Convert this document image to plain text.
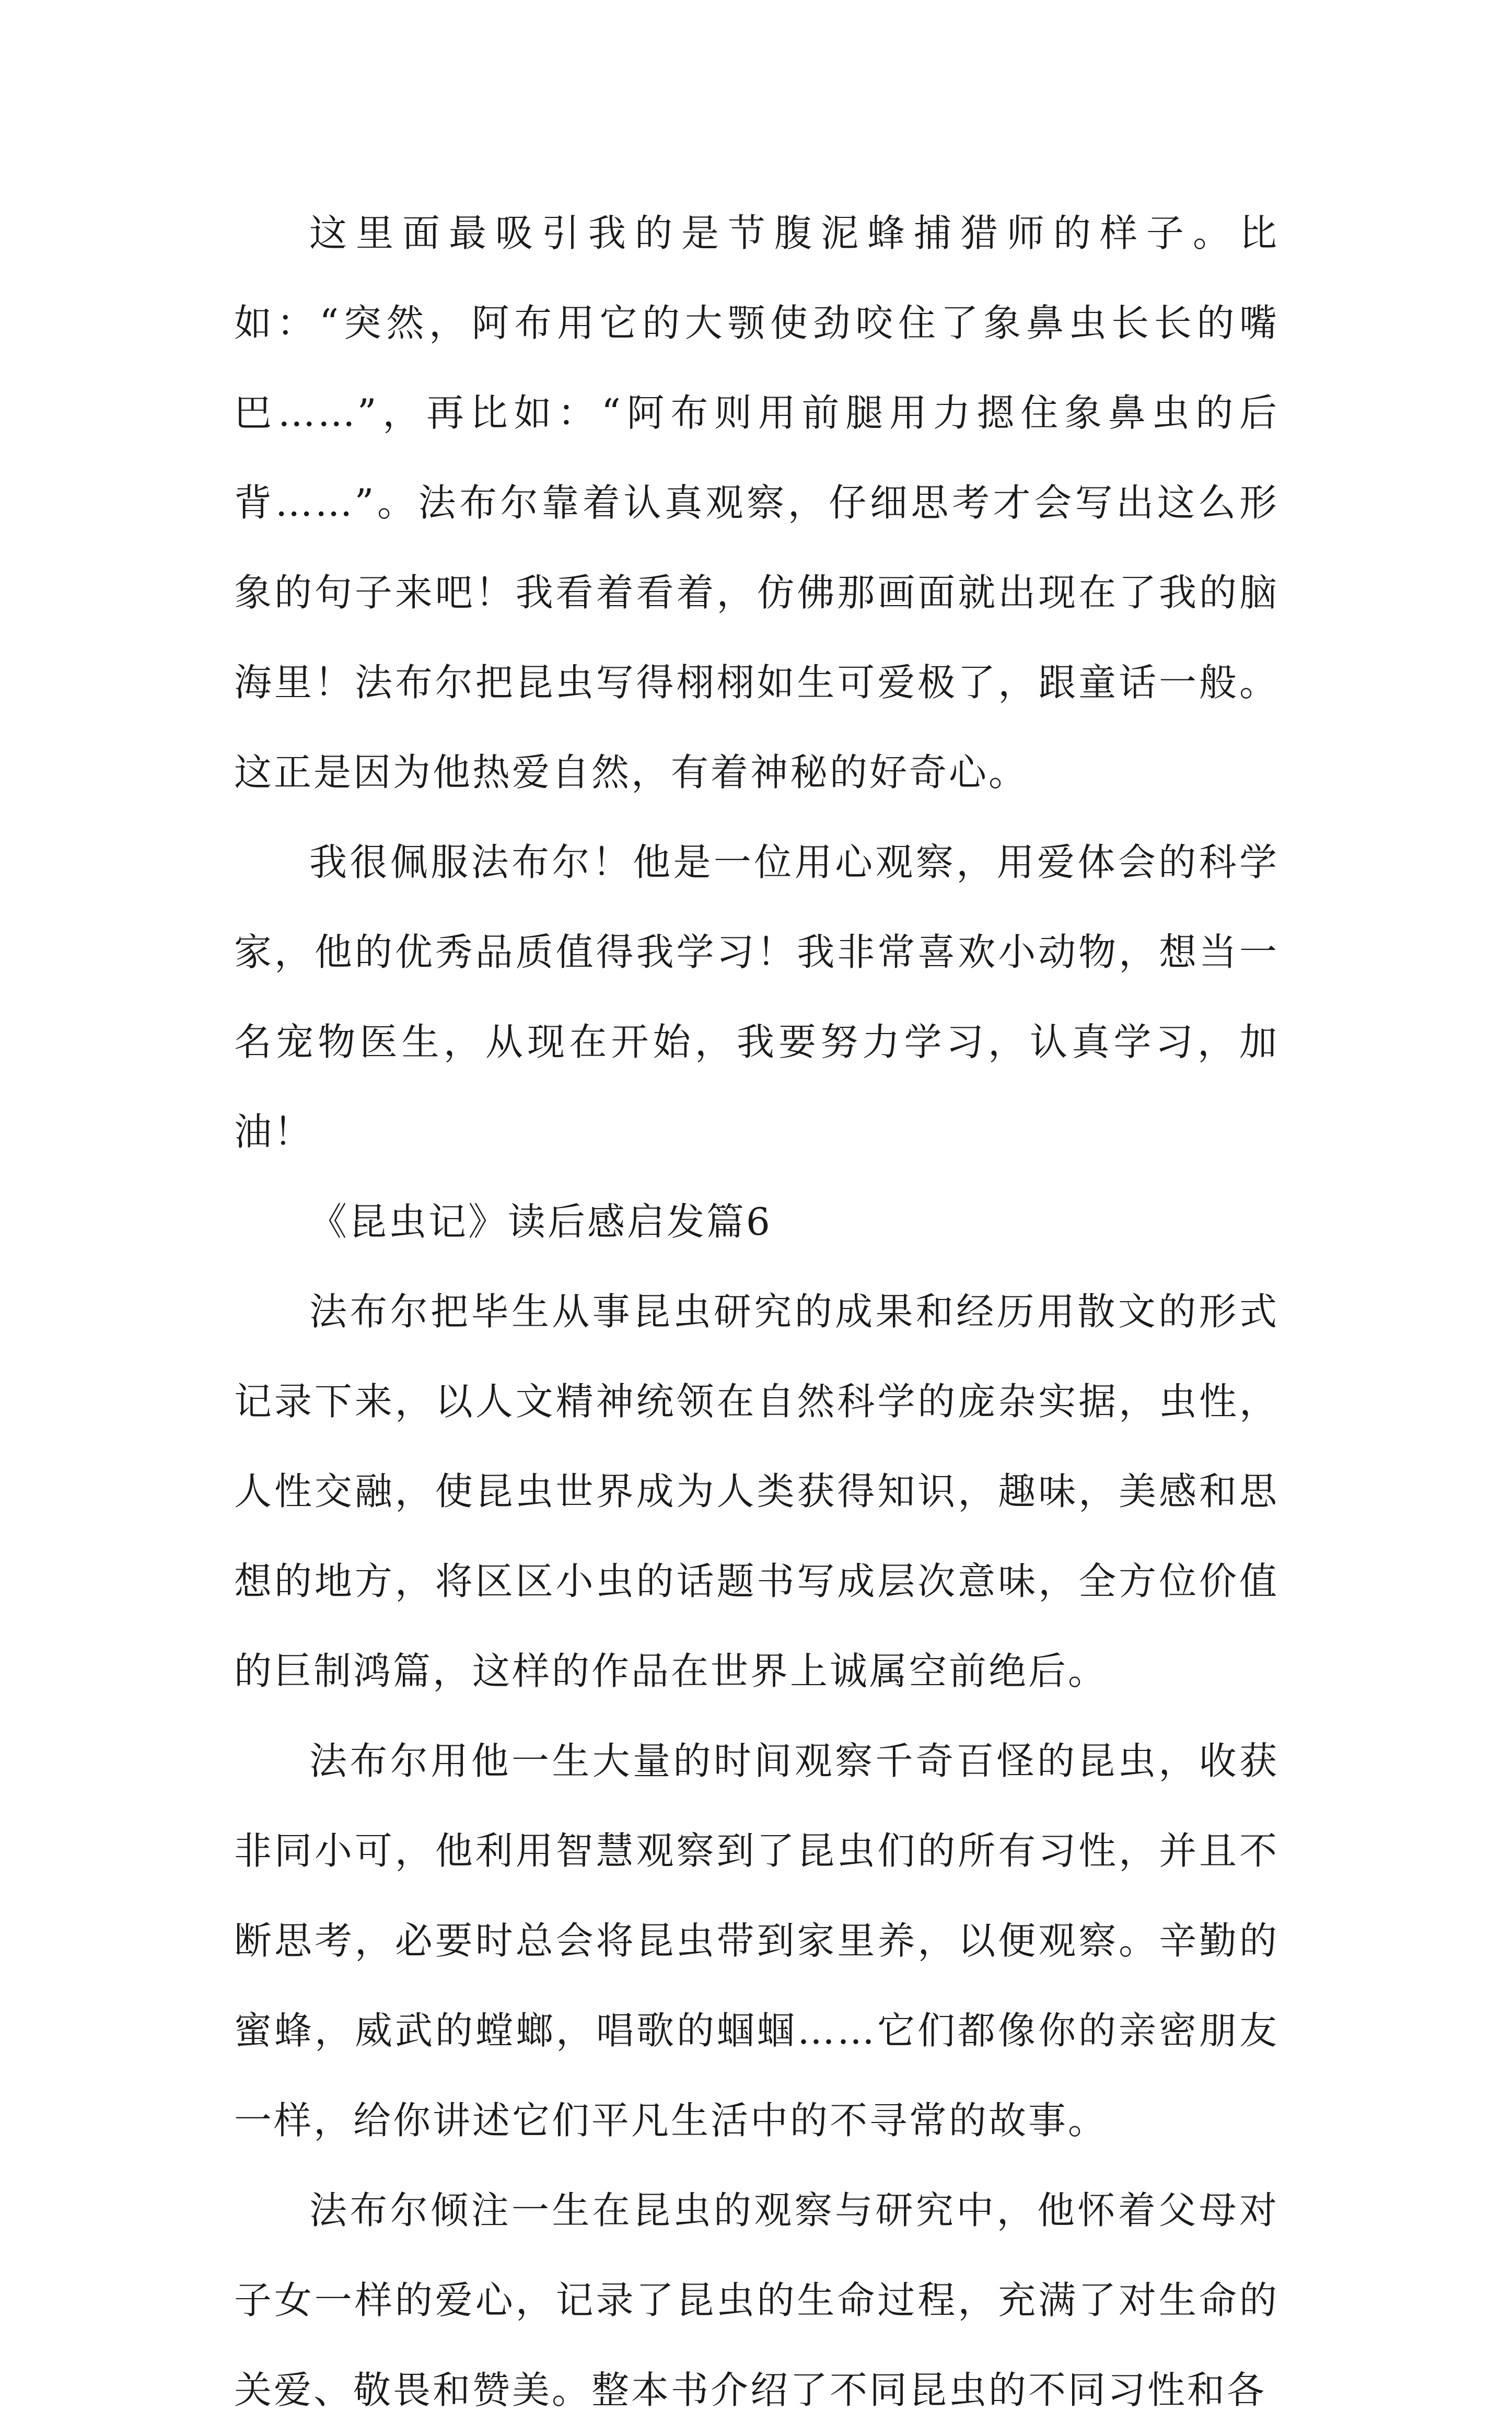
这里面最吸引我的是节腹泥蜂捕猎师的样子。比如：“突然，阿布用它的大颚使劲咬住了象鼻虫长长的嘴巴……”，再比如：“阿布则用前腿用力摁住象鼻虫的后背……”。法布尔靠着认真观察，仔细思考才会写出这么形象的句子来吧！我看着看着，仿佛那画面就出现在了我的脑海里！法布尔把昆虫写得栩栩如生可爱极了，跟童话一般。这正是因为他热爱自然，有着神秘的好奇心。

我很佩服法布尔！他是一位用心观察，用爱体会的科学家，他的优秀品质值得我学习！我非常喜欢小动物，想当一名宠物医生，从现在开始，我要努力学习，认真学习，加油！

《昆虫记》读后感启发篇6

法布尔把毕生从事昆虫研究的成果和经历用散文的形式记录下来，以人文精神统领在自然科学的庞杂实据，虫性，人性交融，使昆虫世界成为人类获得知识，趣味，美感和思想的地方，将区区小虫的话题书写成层次意味，全方位价值的巨制鸿篇，这样的作品在世界上诚属空前绝后。

法布尔用他一生大量的时间观察千奇百怪的昆虫，收获非同小可，他利用智慧观察到了昆虫们的所有习性，并且不断思考，必要时总会将昆虫带到家里养，以便观察。辛勤的蜜蜂，威武的螳螂，唱歌的蝈蝈……它们都像你的亲密朋友一样，给你讲述它们平凡生活中的不寻常的故事。

法布尔倾注一生在昆虫的观察与研究中，他怀着父母对子女一样的爱心，记录了昆虫的生命过程，充满了对生命的关爱、敬畏和赞美。整本书介绍了不同昆虫的不同习性和各
